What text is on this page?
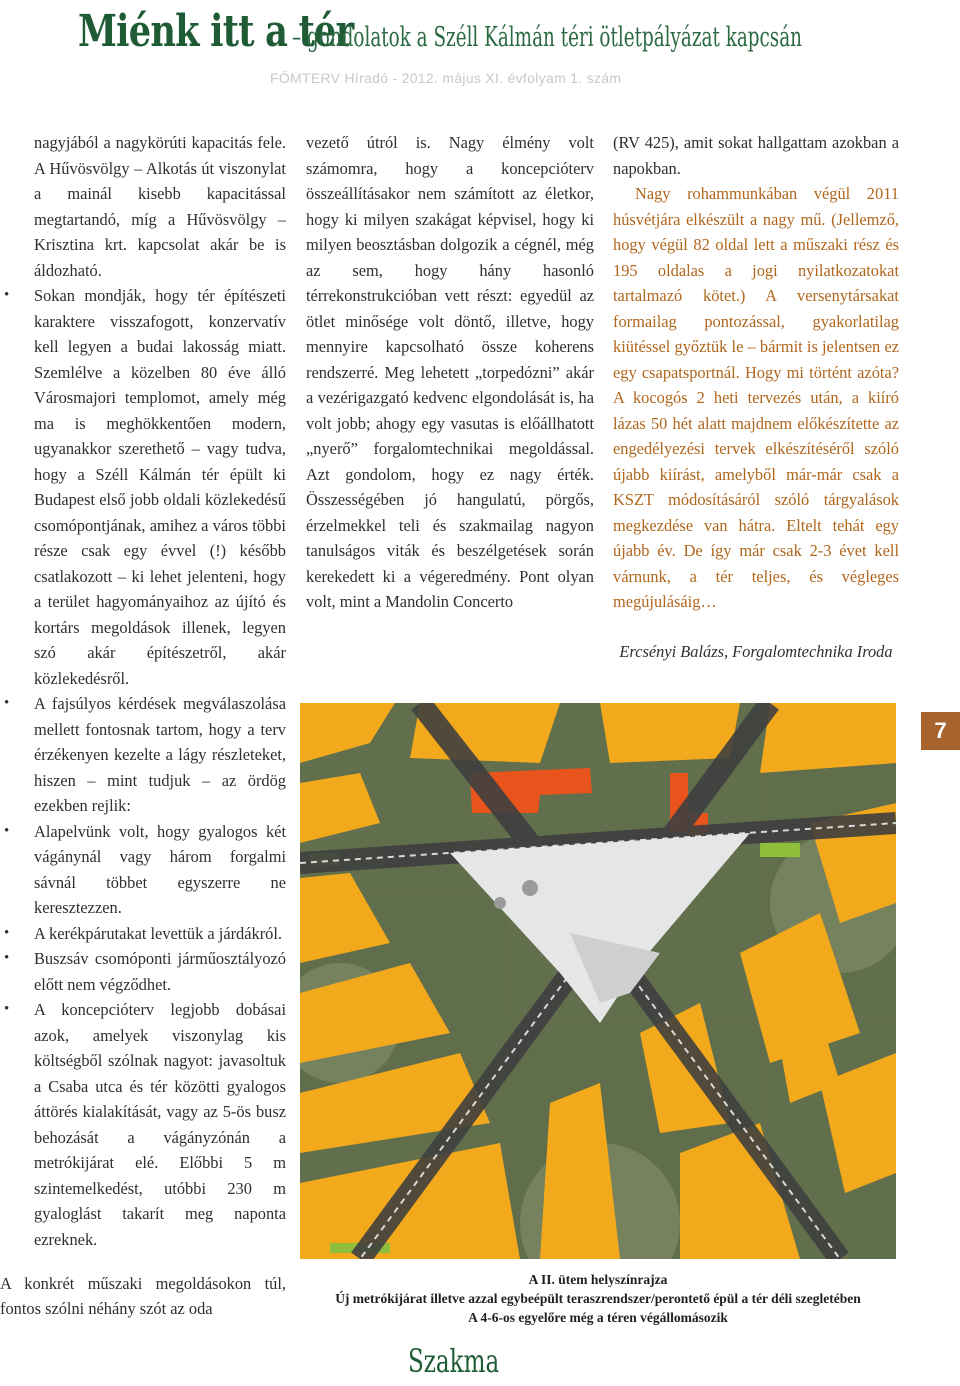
Miénk itt a tér
– gondolatok a Széll Kálmán téri ötletpályázat kapcsán
FŐMTERV Híradó - 2012. május XI. évfolyam 1. szám

nagyjából a nagykörúti kapacitás fele. A Hűvösvölgy – Alkotás út viszonylat a mainál kisebb kapacitással megtartandó, míg a Hűvösvölgy – Krisztina krt. kapcsolat akár be is áldozható.

• Sokan mondják, hogy tér építészeti karaktere visszafogott, konzervatív kell legyen a budai lakosság miatt. Szemlélve a közelben 80 éve álló Városmajori templomot, amely még ma is meghökkentően modern, ugyanakkor szerethető – vagy tudva, hogy a Széll Kálmán tér épült ki Budapest első jobb oldali közlekedésű csomópontjának, amihez a város többi része csak egy évvel (!) később csatlakozott – ki lehet jelenteni, hogy a terület hagyományaihoz az újító és kortárs megoldások illenek, legyen szó akár építészetről, akár közlekedésről.

• A fajsúlyos kérdések megválaszolása mellett fontosnak tartom, hogy a terv érzékenyen kezelte a lágy részleteket, hiszen – mint tudjuk – az ördög ezekben rejlik:

• Alapelvünk volt, hogy gyalogos két vágánynál vagy három forgalmi sávnál többet egyszerre ne keresztezzen.

• A kerékpárutakat levettük a járdákról.

• Buszsáv csomóponti járműosztályozó előtt nem végződhet.

• A koncepcióterv legjobb dobásai azok, amelyek viszonylag kis költségből szólnak nagyot: javasoltuk a Csaba utca és tér közötti gyalogos áttörés kialakítását, vagy az 5-ös busz behozását a vágányzónán a metrókijárat elé. Előbbi 5 m szintemelkedést, utóbbi 230 m gyaloglást takarít meg naponta ezreknek.

A konkrét műszaki megoldásokon túl, fontos szólni néhány szót az oda

vezető útról is. Nagy élmény volt számomra, hogy a koncepcióterv összeállításakor nem számított az életkor, hogy ki milyen szakágat képvisel, hogy ki milyen beosztásban dolgozik a cégnél, még az sem, hogy hány hasonló térrekonstrukcióban vett részt: egyedül az ötlet minősége volt döntő, illetve, hogy mennyire kapcsolható össze koherens rendszerré. Meg lehetett „torpedózni” akár a vezérigazgató kedvenc elgondolását is, ha volt jobb; ahogy egy vasutas is előállhatott „nyerő” forgalomtechnikai megoldással. Azt gondolom, hogy ez nagy érték. Összességében jó hangulatú, pörgős, érzelmekkel teli és szakmailag nagyon tanulságos viták és beszélgetések során kerekedett ki a végeredmény. Pont olyan volt, mint a Mandolin Concerto

(RV 425), amit sokat hallgattam azokban a napokban.

Nagy rohammunkában végül 2011 húsvétjára elkészült a nagy mű. (Jellemző, hogy végül 82 oldal lett a műszaki rész és 195 oldalas a jogi nyilatkozatokat tartalmazó kötet.) A versenytársakat formailag pontozással, gyakorlatilag kiütéssel győztük le – bármit is jelentsen ez egy csapatsportnál. Hogy mi történt azóta? A kocogós 2 heti tervezés után, a kiíró lázas 50 hét alatt majdnem előkészítette az engedélyezési tervek elkészítéséről szóló újabb kiírást, amelyből már-már csak a KSZT módosításáról szóló tárgyalások megkezdése van hátra. Eltelt tehát egy újabb év. De így már csak 2-3 évet kell várnunk, a tér teljes, és végleges megújulásáig…

Ercsényi Balázs, Forgalomtechnika Iroda

7
A II. ütem helyszínrajza
Új metrókijárat illetve azzal egybeépült teraszrendszer/perontető épül a tér déli szegletében
A 4-6-os egyelőre még a téren végállomásozik
Szakma
